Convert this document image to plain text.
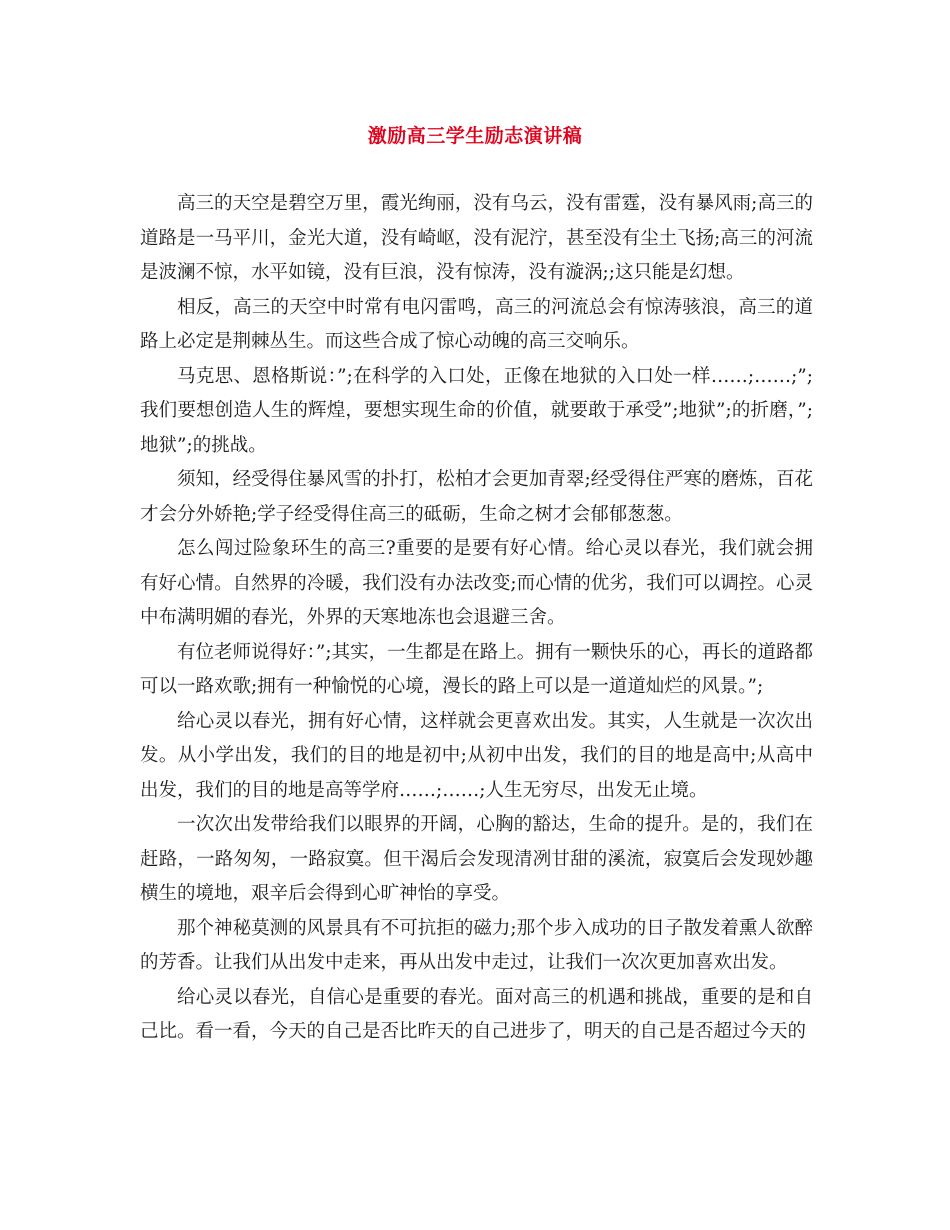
激励高三学生励志演讲稿

高三的天空是碧空万里，霞光绚丽，没有乌云，没有雷霆，没有暴风雨;高三的道路是一马平川，金光大道，没有崎岖，没有泥泞，甚至没有尘土飞扬;高三的河流是波澜不惊，水平如镜，没有巨浪，没有惊涛，没有漩涡;;这只能是幻想。

相反，高三的天空中时常有电闪雷鸣，高三的河流总会有惊涛骇浪，高三的道路上必定是荆棘丛生。而这些合成了惊心动魄的高三交响乐。

马克思、恩格斯说：”;在科学的入口处，正像在地狱的入口处一样……;……;”;我们要想创造人生的辉煌，要想实现生命的价值，就要敢于承受”;地狱”;的折磨，”;地狱”;的挑战。

须知，经受得住暴风雪的扑打，松柏才会更加青翠;经受得住严寒的磨炼，百花才会分外娇艳;学子经受得住高三的砥砺，生命之树才会郁郁葱葱。

怎么闯过险象环生的高三?重要的是要有好心情。给心灵以春光，我们就会拥有好心情。自然界的冷暖，我们没有办法改变;而心情的优劣，我们可以调控。心灵中布满明媚的春光，外界的天寒地冻也会退避三舍。

有位老师说得好：”;其实，一生都是在路上。拥有一颗快乐的心，再长的道路都可以一路欢歌;拥有一种愉悦的心境，漫长的路上可以是一道道灿烂的风景。”;

给心灵以春光，拥有好心情，这样就会更喜欢出发。其实，人生就是一次次出发。从小学出发，我们的目的地是初中;从初中出发，我们的目的地是高中;从高中出发，我们的目的地是高等学府……;……;人生无穷尽，出发无止境。

一次次出发带给我们以眼界的开阔，心胸的豁达，生命的提升。是的，我们在赶路，一路匆匆，一路寂寞。但干渴后会发现清冽甘甜的溪流，寂寞后会发现妙趣横生的境地，艰辛后会得到心旷神怡的享受。

那个神秘莫测的风景具有不可抗拒的磁力;那个步入成功的日子散发着熏人欲醉的芳香。让我们从出发中走来，再从出发中走过，让我们一次次更加喜欢出发。

给心灵以春光，自信心是重要的春光。面对高三的机遇和挑战，重要的是和自己比。看一看，今天的自己是否比昨天的自己进步了，明天的自己是否超过今天的
